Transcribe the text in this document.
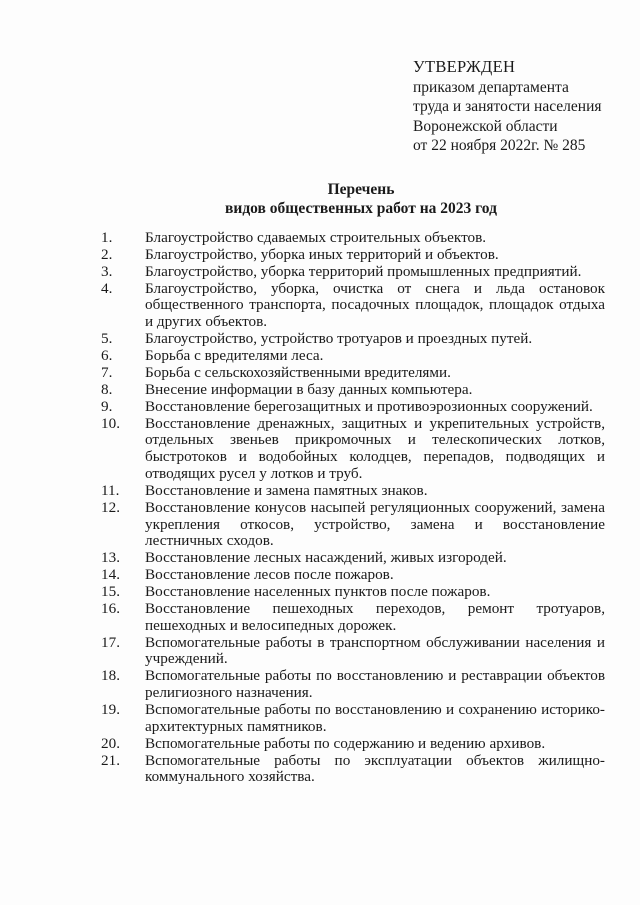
УТВЕРЖДЕН
приказом департамента
труда и занятости населения
Воронежской области
от 22 ноября 2022г. № 285
Перечень
видов общественных работ на 2023 год
1.	Благоустройство сдаваемых строительных объектов.
2.	Благоустройство, уборка иных территорий и объектов.
3.	Благоустройство, уборка территорий промышленных предприятий.
4.	Благоустройство, уборка, очистка от снега и льда остановок общественного транспорта, посадочных площадок, площадок отдыха и других объектов.
5.	Благоустройство, устройство тротуаров и проездных путей.
6.	Борьба с вредителями леса.
7.	Борьба с сельскохозяйственными вредителями.
8.	Внесение информации в базу данных компьютера.
9.	Восстановление берегозащитных и противоэрозионных сооружений.
10.	Восстановление дренажных, защитных и укрепительных устройств, отдельных звеньев прикромочных и телескопических лотков, быстротоков и водобойных колодцев, перепадов, подводящих и отводящих русел у лотков и труб.
11.	Восстановление и замена памятных знаков.
12.	Восстановление конусов насыпей регуляционных сооружений, замена укрепления откосов, устройство, замена и восстановление лестничных сходов.
13.	Восстановление лесных насаждений, живых изгородей.
14.	Восстановление лесов после пожаров.
15.	Восстановление населенных пунктов после пожаров.
16.	Восстановление пешеходных переходов, ремонт тротуаров, пешеходных и велосипедных дорожек.
17.	Вспомогательные работы в транспортном обслуживании населения и учреждений.
18.	Вспомогательные работы по восстановлению и реставрации объектов религиозного назначения.
19.	Вспомогательные работы по восстановлению и сохранению историко-архитектурных памятников.
20.	Вспомогательные работы по содержанию и ведению архивов.
21.	Вспомогательные работы по эксплуатации объектов жилищно-коммунального хозяйства.
